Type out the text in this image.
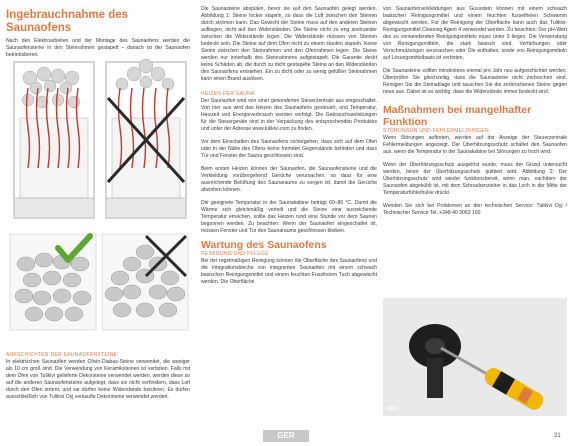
Ingebrauchnahme des Saunaofens

Nach den Elektroarbeiten und der Montage des Saunaofens werden die Saunaofensteine in den Steinrahmen gestapelt – danach ist der Saunaofen betriebsbereit.

AUFSCHICHTEN DER SAUNAOFENSTEINE

In elektrischen Saunaöfen werden Olivin-Diabas-Steine verwendet, die weniger als 10 cm groß sind. Die Verwendung von Keramiksteinen ist verboten. Falls mit dem Ofen von Tulikivi gelieferte Dekorsteine verwendet werden, werden diese so auf die anderen Saunaofensteine aufgelegt, dass sie nicht verhindern, dass Luft durch den Ofen strömt, und sie dürfen keine Widerstände berühren. Es dürfen ausschließlich von Tulikivi Oyj verkaufte Dekorsteine verwendet werden.

Die Saunasteine abspülen, bevor sie auf den Saunaofen gelegt werden. Abbildung 1: Steine locker stapeln, so dass die Luft zwischen den Steinen durch strömen kann. Das Gewicht der Steine muss auf den anderen Steinen aufliegen, nicht auf den Widerständen. Die Steine nicht zu eng aneinander zwischen die Widerstände legen. Die Widerstände müssen von Steinen bedeckt sein. Die Steine auf dem Ofen nicht zu einem Haufen stapeln. Keine Steine zwischen den Steinrahmen und den Ofenrahmen legen. Die Steine werden nur innerhalb des Steinrahmens aufgestapelt. Die Garantie deckt keine Schäden ab, die durch zu dicht gestapelte Steine an den Widerständen des Saunaofens entstehen. Ein zu dicht oder zu wenig gefüllter Steinrahmen kann einen Brand auslösen.

HEIZEN DER SAUNA

Der Saunaofen wird von einer gesonderten Steuerzentrale aus eingeschaltet. Von hier aus wird das Heizen des Saunaofens gesteuert, und Temperatur, Heizzeit und Energieverbrauch werden verfolgt. Die Gebrauchsanleitungen für die Steuergeräte sind in der Verpackung des entsprechenden Produktes und unter der Adresse www.tulikivi.com zu finden.

Vor dem Einschalten des Saunaofens sichergehen, dass sich auf dem Ofen oder in der Nähe des Ofens keine fremden Gegenstände befinden und dass Tür und Fenster der Sauna geschlossen sind.

Beim ersten Heizen können der Saunaofen, die Saunaofensteine und die Verkleidung vorübergehend Gerüche verursachen, so dass für eine ausreichende Belüftung des Saunaraums zu sorgen ist, damit die Gerüche abziehen können.

Die geeignete Temperatur in der Saunakabine beträgt 60–80 °C. Damit die Wärme sich gleichmäßig verteilt und die Steine eine ausreichende Temperatur erreichen, sollte das Heizen rund eine Stunde vor dem Saunen begonnen werden. Zu beachten: Wenn der Saunaofen eingeschaltet ist, müssen Fenster und Tür des Saunaraums geschlossen bleiben.

Wartung des Saunaofens

REINIGUNG UND PFLEGE

Bei der regelmäßigen Reinigung können die Oberfläche des Saunaofens und die Integrationsbleche von integrierten Saunaöfen mit einem schwach basischen Reinigungsmittel und einem feuchten Fussfreiem Tuch abgewischt werden. Die Oberfläche

von Saunaofenverkleidungen aus Gussstein können mit einem schwach basischen Reinigungsmittel und einem feuchten fusselfreien Schwamm abgewischt werden. Für die Reinigung der Oberfläche kann auch das Tulikivi-Reinigungsmittel Cleaning Agent 4 verwendet werden. Zu beachten: Der pH-Wert des zu verwendenden Reinigungsmittels muss unter 9 liegen. Die Verwendung von Reinigungsmitteln, die stark basisch sind, Verfärbungen oder Verschmutzungen verursachen oder Öle enthalten, sowie von Reinigungsmitteln auf Lösungsmittelbasis ist verboten.

Die Saunasteine sollten mindestens einmal pro Jahr neu aufgeschichtet werden. Überprüfen Sie gleichzeitig, dass die Saunasteine nicht zerbrochen sind. Reinigen Sie die Steinablage und tauschen Sie die zerbrochenen Steine gegen neue aus. Dabei ist es wichtig, dass die Widerstände immer bedeckt sind.

Maßnahmen bei mangelhafter Funktion

STÖRUNGEN UND FEHLERMELDUNGEN

Wenn Störungen auftreten, werden auf der Anzeige der Steuerzentrale Fehlermeldungen angezeigt. Der Überhitzungsschutz schaltet den Saunaofen aus, wenn die Temperatur in der Saunakabine bei Störungen zu hoch wird.

Wenn der Überhitzungsschutz ausgelöst wurde, muss der Grund untersucht werden, bevor der Überhitzungsschutz quittiert wird. Abbildung 2: Der Überhitzungsschutz wird wieder funktionsbereit, wenn man, nachdem der Saunaofen abgekühlt ist, mit dem Schraubenzieher in das Loch in der Mitte der Temperaturfühlerhülse drückt.

Wenden Sie sich bei Problemen an den technischen Service: Tulikivi Oyj / Technischer Service Tel. +348 40 3063 100

Abb.1
GER	31
